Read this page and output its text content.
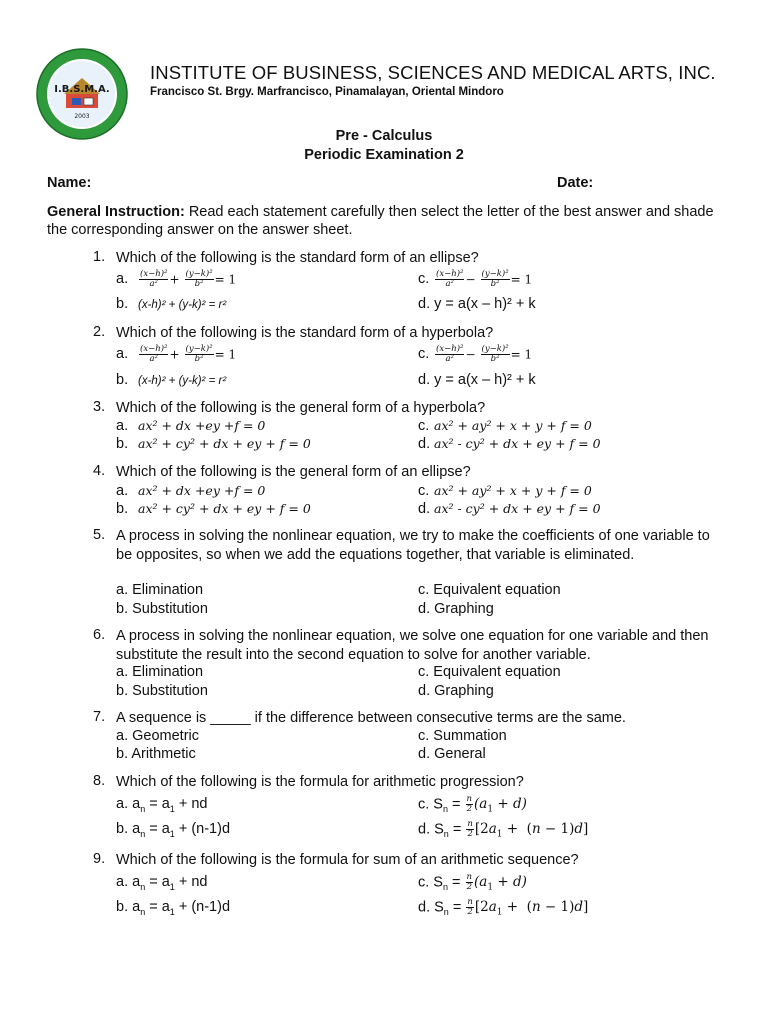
I.B.S.M.A.
2003
INSTITUTE OF BUSINESS, SCIENCES AND MEDICAL ARTS, INC.
Francisco St. Brgy. Marfrancisco, Pinamalayan, Oriental Mindoro
Pre - Calculus
Periodic Examination 2
Name:	Date:
General Instruction: Read each statement carefully then select the letter of the best answer and shade the corresponding answer on the answer sheet.
1. Which of the following is the standard form of an ellipse?
a. $\frac{\text{(x−h)²}}{\text{a²}} + \frac{\text{(y−k)²}}{\text{b²}} = 1$
b. (x-h)² + (y-k)² = r²
c. $\frac{\text{(x−h)²}}{\text{a²}} - \frac{\text{(y−k)²}}{\text{b²}} = 1$
d. y = a(x – h)² + k
2. Which of the following is the standard form of a hyperbola?
a. $\frac{\text{(x−h)²}}{\text{a²}} + \frac{\text{(y−k)²}}{\text{b²}} = 1$
b. (x-h)² + (y-k)² = r²
c. $\frac{\text{(x−h)²}}{\text{a²}} - \frac{\text{(y−k)²}}{\text{b²}} = 1$
d. y = a(x – h)² + k
3. Which of the following is the general form of a hyperbola?
a. ax² + dx +ey +f = 0
b. ax² + cy² + dx + ey + f = 0
c. ax² + ay² + x + y + f = 0
d. ax² - cy² + dx + ey + f = 0
4. Which of the following is the general form of an ellipse?
a. ax² + dx +ey +f = 0
b. ax² + cy² + dx + ey + f = 0
c. ax² + ay² + x + y + f = 0
d. ax² - cy² + dx + ey + f = 0
5. A process in solving the nonlinear equation, we try to make the coefficients of one variable to be opposites, so when we add the equations together, that variable is eliminated.
a. Elimination
b. Substitution
c. Equivalent equation
d. Graphing
6. A process in solving the nonlinear equation, we solve one equation for one variable and then substitute the result into the second equation to solve for another variable.
a. Elimination
b. Substitution
c. Equivalent equation
d. Graphing
7. A sequence is _____ if the difference between consecutive terms are the same.
a. Geometric
b. Arithmetic
c. Summation
d. General
8. Which of the following is the formula for arithmetic progression?
a. $a_n = a_1$ + nd
b. $a_n = a_1 + (n-1)d$
c. $S_n = \frac{n}{2} (a_1 + d)$
d. $S_n = \frac{n}{2} [2a_1 + (n - 1)d]$
9. Which of the following is the formula for sum of an arithmetic sequence?
a. $a_n = a_1$ + nd
b. $a_n = a_1 + (n-1)d$
c. $S_n = \frac{n}{2} (a_1 + d)$
d. $S_n = \frac{n}{2} [2a_1 + (n - 1)d]$
